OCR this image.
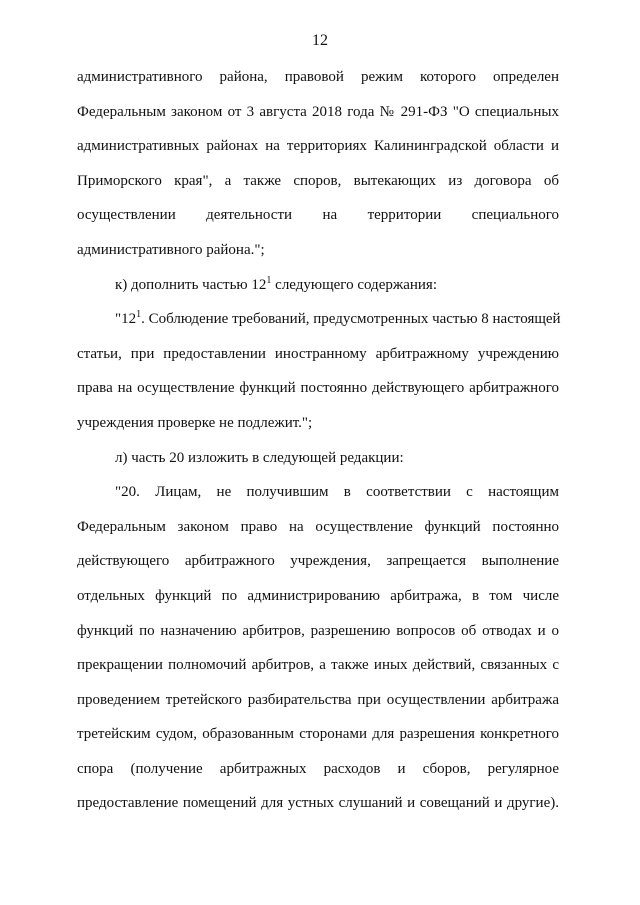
12
административного района, правовой режим которого определен
Федеральным законом от 3 августа 2018 года № 291-ФЗ "О специальных
административных районах на территориях Калининградской области и
Приморского края", а также споров, вытекающих из договора об
осуществлении деятельности на территории специального
административного района.";
к) дополнить частью $12^1$ следующего содержания:
"$12^1$. Соблюдение требований, предусмотренных частью 8 настоящей
статьи, при предоставлении иностранному арбитражному учреждению
права на осуществление функций постоянно действующего арбитражного
учреждения проверке не подлежит.";
л) часть 20 изложить в следующей редакции:
"20. Лицам, не получившим в соответствии с настоящим
Федеральным законом право на осуществление функций постоянно
действующего арбитражного учреждения, запрещается выполнение
отдельных функций по администрированию арбитража, в том числе
функций по назначению арбитров, разрешению вопросов об отводах и о
прекращении полномочий арбитров, а также иных действий, связанных с
проведением третейского разбирательства при осуществлении арбитража
третейским судом, образованным сторонами для разрешения конкретного
спора (получение арбитражных расходов и сборов, регулярное
предоставление помещений для устных слушаний и совещаний и другие).
